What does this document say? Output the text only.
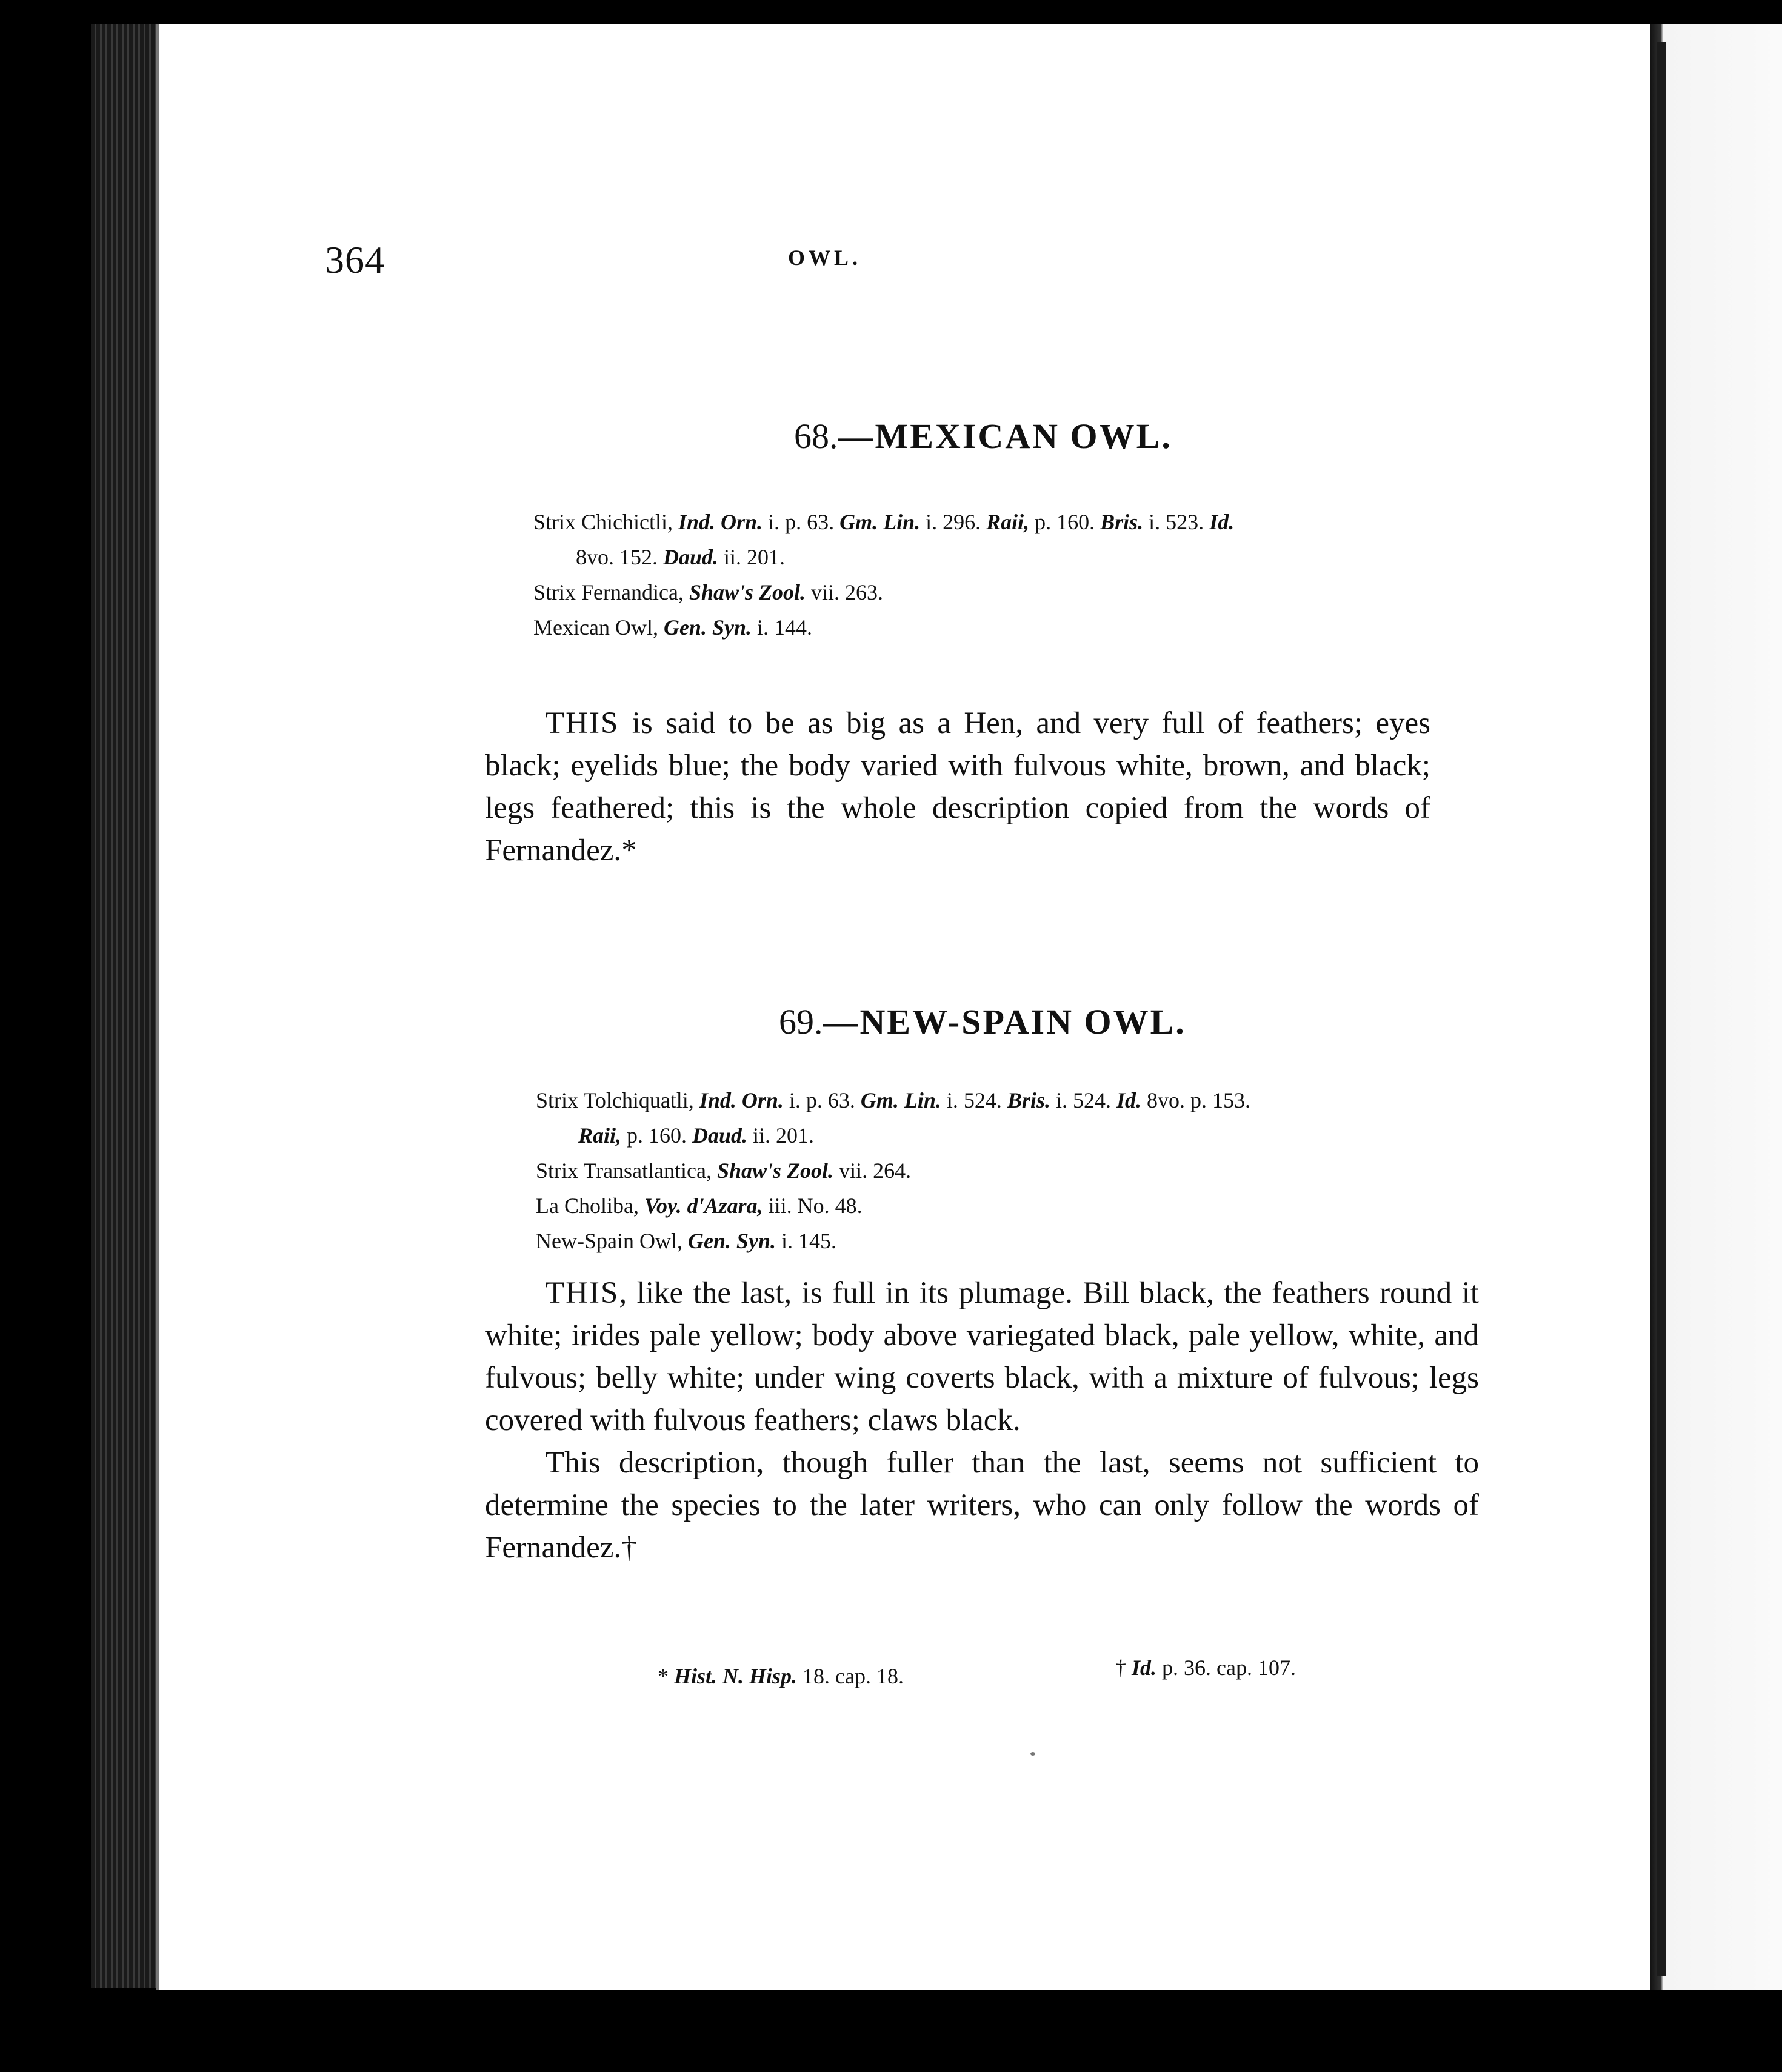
364	OWL.
68.—MEXICAN OWL.
Strix Chichictli, Ind. Orn. i. p. 63. Gm. Lin. i. 296. Raii, p. 160. Bris. i. 523. Id.
8vo. 152. Daud. ii. 201.
Strix Fernandica, Shaw's Zool. vii. 263.
Mexican Owl, Gen. Syn. i. 144.

THIS is said to be as big as a Hen, and very full of feathers; eyes black; eyelids blue; the body varied with fulvous white, brown, and black; legs feathered; this is the whole description copied from the words of Fernandez.*

69.—NEW-SPAIN OWL.
Strix Tolchiquatli, Ind. Orn. i. p. 63. Gm. Lin. i. 524. Bris. i. 524. Id. 8vo. p. 153.
Raii, p. 160. Daud. ii. 201.
Strix Transatlantica, Shaw's Zool. vii. 264.
La Choliba, Voy. d'Azara, iii. No. 48.
New-Spain Owl, Gen. Syn. i. 145.

THIS, like the last, is full in its plumage. Bill black, the feathers round it white; irides pale yellow; body above variegated black, pale yellow, white, and fulvous; belly white; under wing coverts black, with a mixture of fulvous; legs covered with fulvous feathers; claws black.

This description, though fuller than the last, seems not sufficient to determine the species to the later writers, who can only follow the words of Fernandez.†

* Hist. N. Hisp. 18. cap. 18.	† Id. p. 36. cap. 107.
